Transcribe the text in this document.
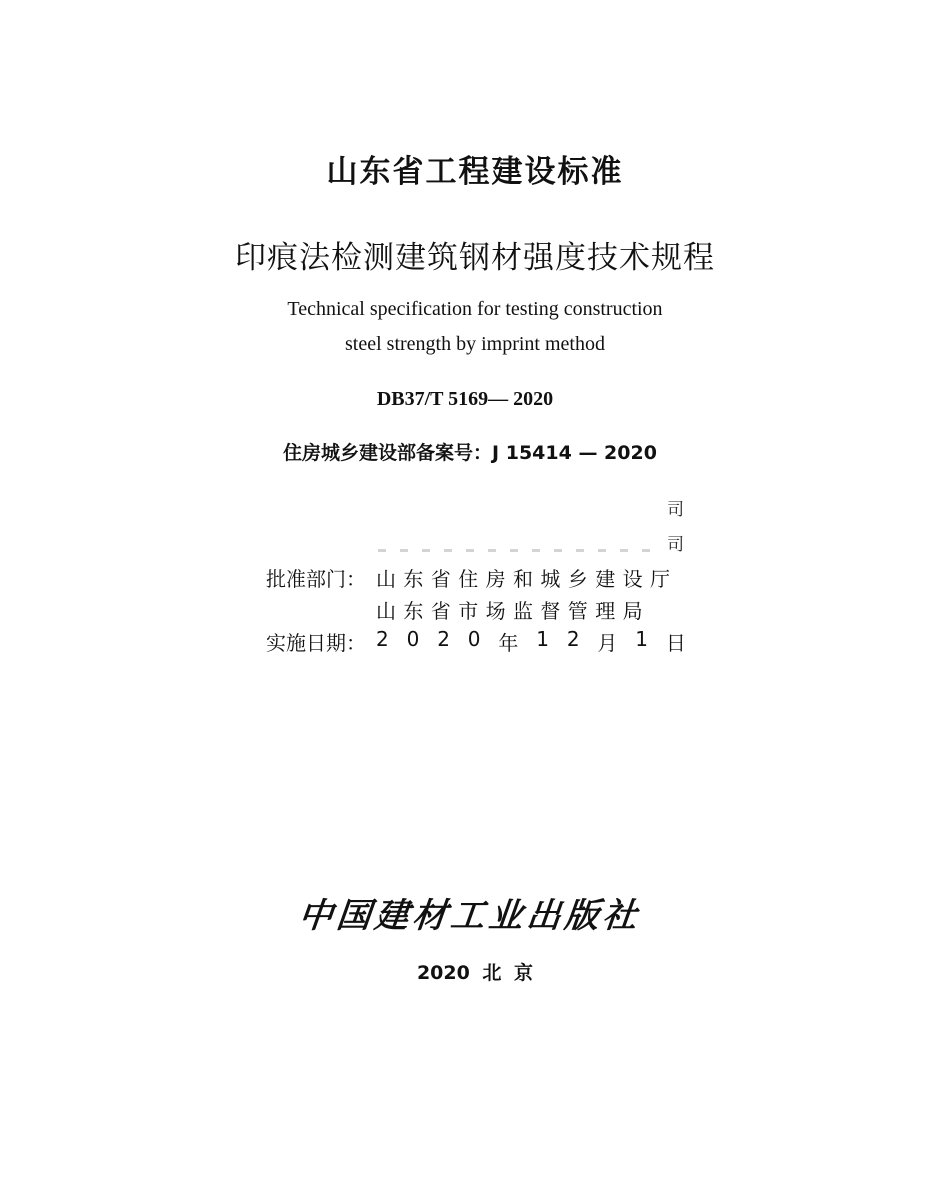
山东省工程建设标准
印痕法检测建筑钢材强度技术规程
Technical specification for testing construction
steel strength by imprint method
DB37/T 5169— 2020
住房城乡建设部备案号：J 15414 — 2020
司
司
批准部门： 山东省住房和城乡建设厅
山东省市场监督管理局
实施日期： 2 0 2 0 年 1 2 月 1 日
中国建材工业出版社
2020 北 京
